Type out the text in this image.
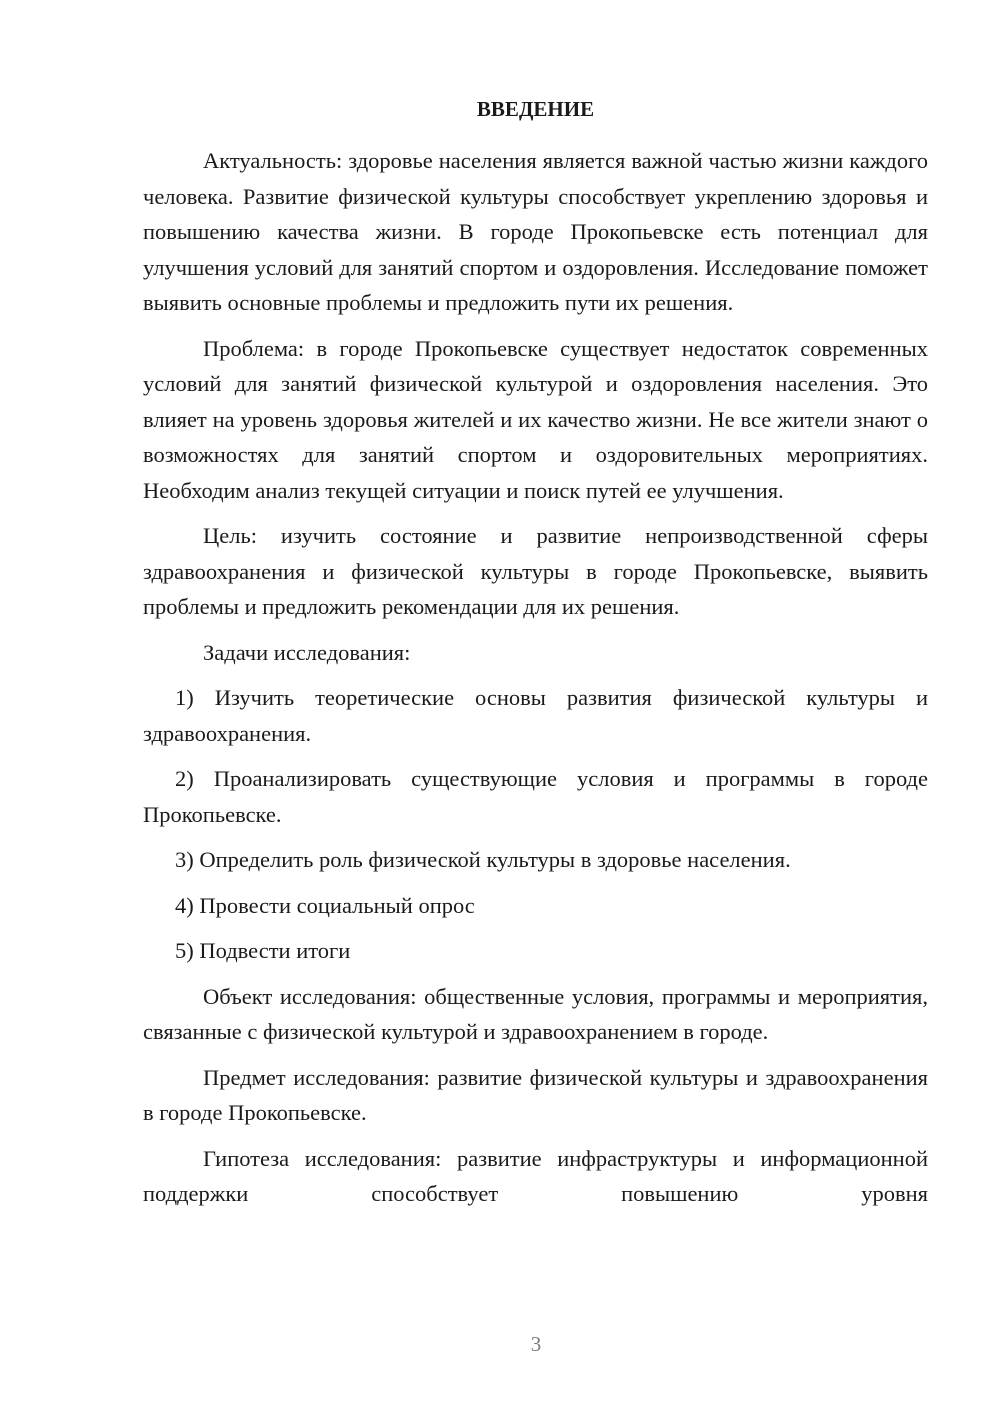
ВВЕДЕНИЕ
Актуальность: здоровье населения является важной частью жизни каждого человека. Развитие физической культуры способствует укреплению здоровья и повышению качества жизни. В городе Прокопьевске есть потенциал для улучшения условий для занятий спортом и оздоровления. Исследование поможет выявить основные проблемы и предложить пути их решения.
Проблема: в городе Прокопьевске существует недостаток современных условий для занятий физической культурой и оздоровления населения. Это влияет на уровень здоровья жителей и их качество жизни. Не все жители знают о возможностях для занятий спортом и оздоровительных мероприятиях. Необходим анализ текущей ситуации и поиск путей ее улучшения.
Цель: изучить состояние и развитие непроизводственной сферы здравоохранения и физической культуры в городе Прокопьевске, выявить проблемы и предложить рекомендации для их решения.
Задачи исследования:
1) Изучить теоретические основы развития физической культуры и здравоохранения.
2) Проанализировать существующие условия и программы в городе Прокопьевске.
3) Определить роль физической культуры в здоровье населения.
4) Провести социальный опрос
5) Подвести итоги
Объект исследования: общественные условия, программы и мероприятия, связанные с физической культурой и здравоохранением в городе.
Предмет исследования: развитие физической культуры и здравоохранения в городе Прокопьевске.
Гипотеза исследования: развитие инфраструктуры и информационной поддержки способствует повышению уровня
3
